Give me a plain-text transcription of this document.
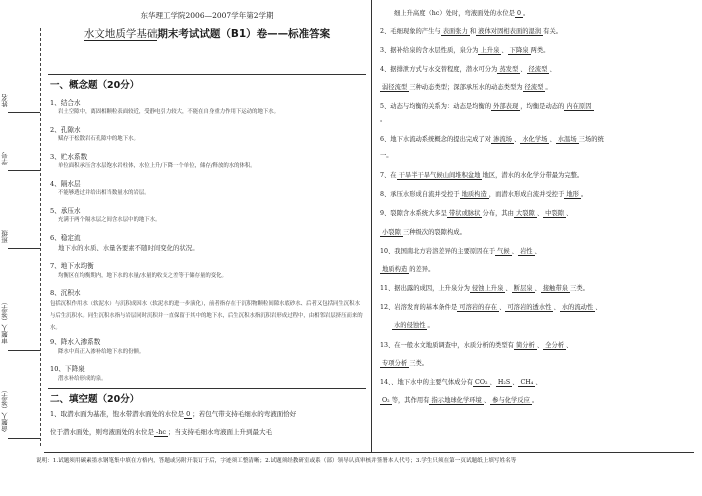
姓名
学号
班级
审题人（签字）
命题人（签字）
东华理工学院2006—2007学年第2学期
水文地质学基础期末考试试题（B1）卷——标准答案
一、概念题（20分）
1、结合水
岩土空隙中，离固相颗粒表面较近，受静电引力较大，不能在自身重力作用下运动的地下水。
2、孔隙水
赋存于松散岩石孔隙中的地下水。
3、贮水系数
单位面积承压含水层饱水岩柱体，水位上升/下降一个单位，储存/释放的水的体积。
4、隔水层
不能够透过并给出相当数量水的岩层。
5、承压水
充满于两个隔水层之间含水层中的地下水。
6、稳定流
地下水的水质、水量各要素不随时间变化的状况。
7、地下水均衡
均衡区在均衡期内，地下水的水量/水量的收支之差等于储存量的变化。
8、沉积水
包括沉积作用水（软泥水）与沉积成因水（软泥水的进一步演化），前者指存在于沉积物颗粒间隙水底砂水、后者又包括同生沉积水与后生沉积水。同生沉积水指与岩层同时沉积并一直保留于其中的地下水，后生沉积水指沉积岩形成过程中，由相邻岩层挤压而来的水。
9、降水入渗系数
降水中真正入渗补给地下水的份额。
10、下降泉
潜水补给形成的泉。
二、填空题（20分）
1、取潜水面为基准，饱水带潜水面处的水位是 0 ；若包气带支持毛细水的弯液面恰好
位于潜水面处，则弯液面处的水位是 -hc ；当支持毛细水弯液面上升到最大毛
细上升高度（hc）处时，弯液面处的水位是 0 。
2、毛细现象的产生与 表面张力 和 液体对固相表面的湿润 有关。
3、据补给泉的含水层性质，泉分为 上升泉 、 下降泉 两类。
4、据排泄方式与水交替程度，潜水可分为 蒸发型 、 径流型 、
弱径流型 三种动态类型；深部承压水的动态类型为 径流型 。
5、动态与均衡的关系为：动态是均衡的 外部表现 ，均衡是动态的 内在原因
。
6、地下水流动系统概念的提出完成了对 渗流场 、 水化学场 、 水温场 三场的统
一。
7、在 干旱半干旱气候山间堆积盆地 地区，潜水的水化学分带最为完整。
8、承压水形成自流并受控于 地质构造 ，而潜水形成自流并受控于 地形 。
9、裂隙含水系统大多呈 带状或脉状 分布，其由 大裂隙 、 中裂隙 、
小裂隙 三种级次的裂隙构成。
10、我国南北方岩溶差异的主要原因在于 气候 、 岩性 、
地质构造 的差异。
11、据出露的成因，上升泉分为 侵蚀上升泉 、 断层泉 、 接触带泉 三类。
12、岩溶发育的基本条件是 可溶岩的存在 、 可溶岩的透水性 、 水的流动性 、
水的侵蚀性 。
13、在一般水文地质调查中，水质分析的类型有 简分析 、 全分析 、
专项分析 三类。
14、、地下水中的主要气体成分有 CO₂ 、 H₂S 、 CH₄ 、
O₂ 等，其作用有 指示地球化学环境 、 参与化学反应 。
说明：1.试题须用碳素墨水钢笔集中填在方格内，答题或另附开装订于后，字迹须工整清晰；2.试题须经教研室或系（部）领导认真审核并签署本人代号；3.学生只须在第一页试题纸上填写姓名等
